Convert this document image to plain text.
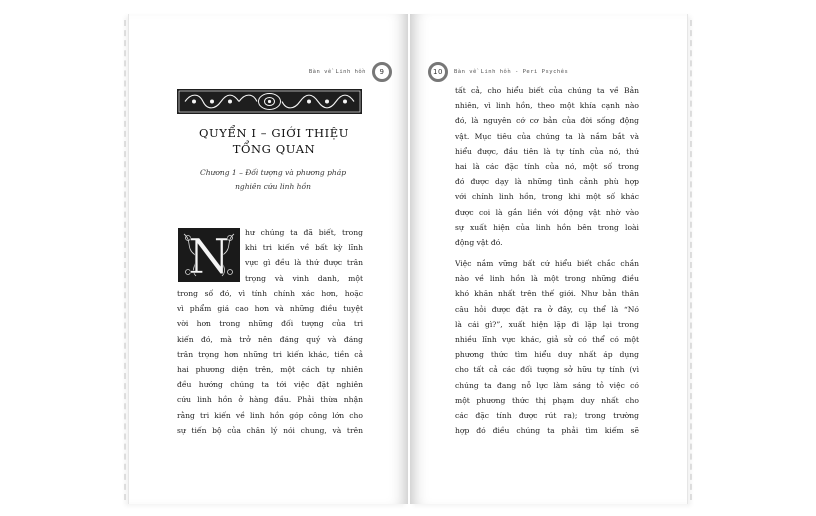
Bàn về Linh hồn	9
QUYỂN I – GIỚI THIỆU TỔNG QUAN

Chương 1 – Đối tượng và phương pháp nghiên cứu linh hồn

N hư chúng ta đã biết, trong
khi tri kiến về bất kỳ lĩnh
vực gì đều là thứ được trân
trọng và vinh danh, một
trong số đó, vì tính chính xác hơn, hoặc
vì phẩm giá cao hơn và những điều tuyệt
vời hơn trong những đối tượng của tri
kiến đó, mà trở nên đáng quý và đáng
trân trọng hơn những tri kiến khác, tiền cả
hai phương diện trên, một cách tự nhiên
đều hướng chúng ta tới việc đặt nghiên
cứu linh hồn ở hàng đầu. Phải thừa nhận
rằng tri kiến về linh hồn góp công lớn cho
sự tiến bộ của chân lý nói chung, và trên
10	Bàn về Linh hồn - Peri Psychês
tất cả, cho hiểu biết của chúng ta về Bản
nhiên, vì linh hồn, theo một khía cạnh nào
đó, là nguyên cớ cơ bản của đời sống động
vật. Mục tiêu của chúng ta là nắm bắt và
hiểu được, đầu tiên là tự tính của nó, thứ
hai là các đặc tính của nó, một số trong
đó được dạy là những tình cảnh phù hợp
với chính linh hồn, trong khi một số khác
được coi là gắn liền với động vật nhờ vào
sự xuất hiện của linh hồn bên trong loài
động vật đó.
Việc nắm vững bất cứ hiểu biết chắc chắn
nào về linh hồn là một trong những điều
khó khăn nhất trên thế giới. Như bản thân
câu hỏi được đặt ra ở đây, cụ thể là “Nó
là cái gì?”, xuất hiện lặp đi lặp lại trong
nhiều lĩnh vực khác, giả sử có thể có một
phương thức tìm hiểu duy nhất áp dụng
cho tất cả các đối tượng sở hữu tự tính (vì
chúng ta đang nỗ lực làm sáng tỏ việc có
một phương thức thị phạm duy nhất cho
các đặc tính được rút ra); trong trường
hợp đó điều chúng ta phải tìm kiếm sẽ
